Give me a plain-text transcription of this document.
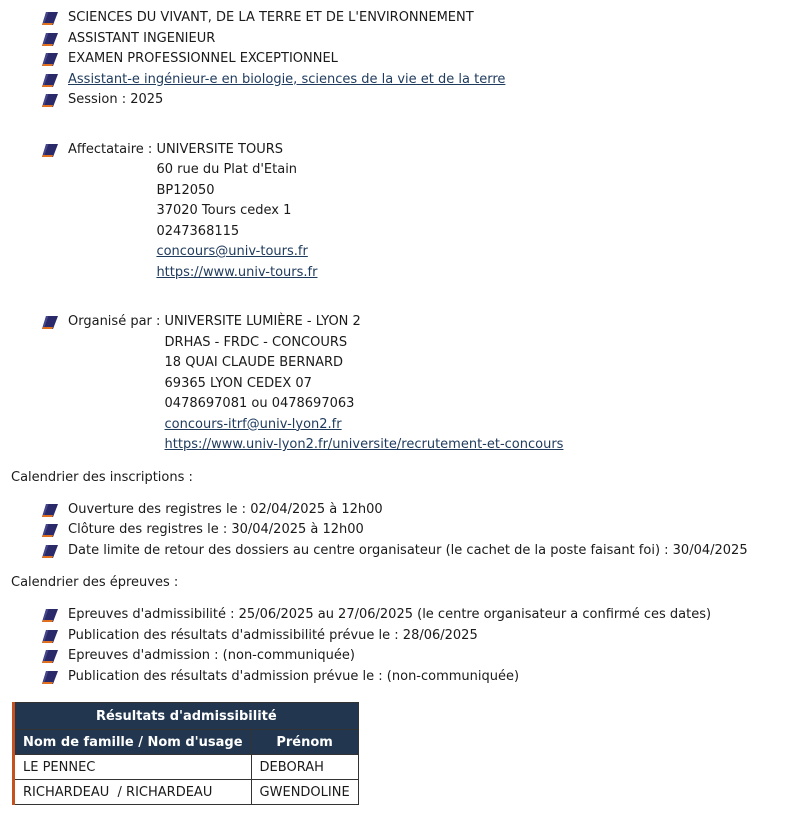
SCIENCES DU VIVANT, DE LA TERRE ET DE L'ENVIRONNEMENT
ASSISTANT INGENIEUR
EXAMEN PROFESSIONNEL EXCEPTIONNEL
Assistant-e ingénieur-e en biologie, sciences de la vie et de la terre
Session : 2025
Affectataire : UNIVERSITE TOURS
60 rue du Plat d'Etain
BP12050
37020 Tours cedex 1
0247368115
concours@univ-tours.fr
https://www.univ-tours.fr
Organisé par : UNIVERSITE LUMIÈRE - LYON 2
DRHAS - FRDC - CONCOURS
18 QUAI CLAUDE BERNARD
69365 LYON CEDEX 07
0478697081 ou 0478697063
concours-itrf@univ-lyon2.fr
https://www.univ-lyon2.fr/universite/recrutement-et-concours
Calendrier des inscriptions :
Ouverture des registres le : 02/04/2025 à 12h00
Clôture des registres le : 30/04/2025 à 12h00
Date limite de retour des dossiers au centre organisateur (le cachet de la poste faisant foi) : 30/04/2025
Calendrier des épreuves :
Epreuves d'admissibilité : 25/06/2025 au 27/06/2025 (le centre organisateur a confirmé ces dates)
Publication des résultats d'admissibilité prévue le : 28/06/2025
Epreuves d'admission : (non-communiquée)
Publication des résultats d'admission prévue le : (non-communiquée)
Résultats d'admissibilité	
Nom de famille / Nom d'usage	Prénom
LE PENNEC	DEBORAH
RICHARDEAU  / RICHARDEAU	GWENDOLINE
